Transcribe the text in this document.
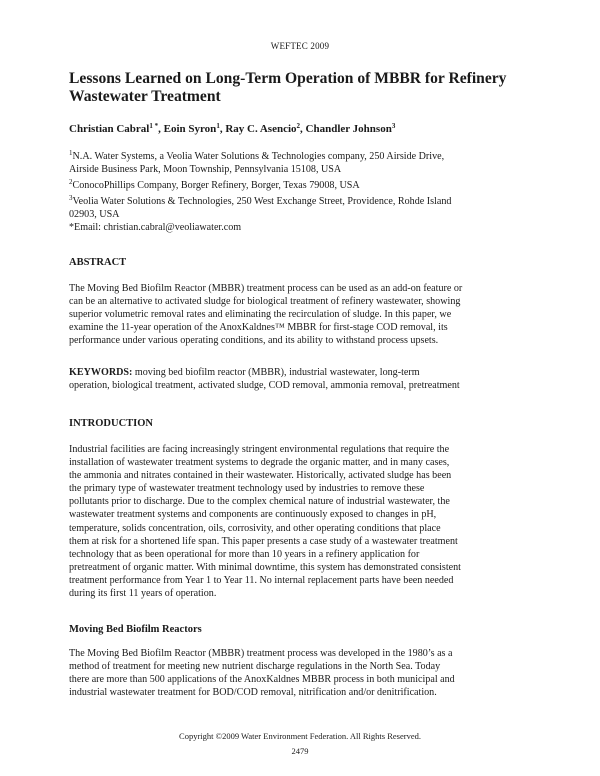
WEFTEC 2009
Lessons Learned on Long-Term Operation of MBBR for Refinery
Wastewater Treatment
Christian Cabral$^{1 *}$, Eoin Syron$^1$, Ray C. Asencio$^2$, Chandler Johnson$^3$
$^1$N.A. Water Systems, a Veolia Water Solutions & Technologies company, 250 Airside Drive,
Airside Business Park, Moon Township, Pennsylvania 15108, USA
$^2$ConocoPhillips Company, Borger Refinery, Borger, Texas 79008, USA
$^3$Veolia Water Solutions & Technologies, 250 West Exchange Street, Providence, Rohde Island
02903, USA
*Email: christian.cabral@veoliawater.com
ABSTRACT
The Moving Bed Biofilm Reactor (MBBR) treatment process can be used as an add-on feature or
can be an alternative to activated sludge for biological treatment of refinery wastewater, showing
superior volumetric removal rates and eliminating the recirculation of sludge. In this paper, we
examine the 11-year operation of the AnoxKaldnes™ MBBR for first-stage COD removal, its
performance under various operating conditions, and its ability to withstand process upsets.
KEYWORDS: moving bed biofilm reactor (MBBR), industrial wastewater, long-term
operation, biological treatment, activated sludge, COD removal, ammonia removal, pretreatment
INTRODUCTION
Industrial facilities are facing increasingly stringent environmental regulations that require the
installation of wastewater treatment systems to degrade the organic matter, and in many cases,
the ammonia and nitrates contained in their wastewater. Historically, activated sludge has been
the primary type of wastewater treatment technology used by industries to remove these
pollutants prior to discharge. Due to the complex chemical nature of industrial wastewater, the
wastewater treatment systems and components are continuously exposed to changes in pH,
temperature, solids concentration, oils, corrosivity, and other operating conditions that place
them at risk for a shortened life span. This paper presents a case study of a wastewater treatment
technology that as been operational for more than 10 years in a refinery application for
pretreatment of organic matter. With minimal downtime, this system has demonstrated consistent
treatment performance from Year 1 to Year 11. No internal replacement parts have been needed
during its first 11 years of operation.
Moving Bed Biofilm Reactors
The Moving Bed Biofilm Reactor (MBBR) treatment process was developed in the 1980’s as a
method of treatment for meeting new nutrient discharge regulations in the North Sea. Today
there are more than 500 applications of the AnoxKaldnes MBBR process in both municipal and
industrial wastewater treatment for BOD/COD removal, nitrification and/or denitrification.
Copyright ©2009 Water Environment Federation. All Rights Reserved.
2479
